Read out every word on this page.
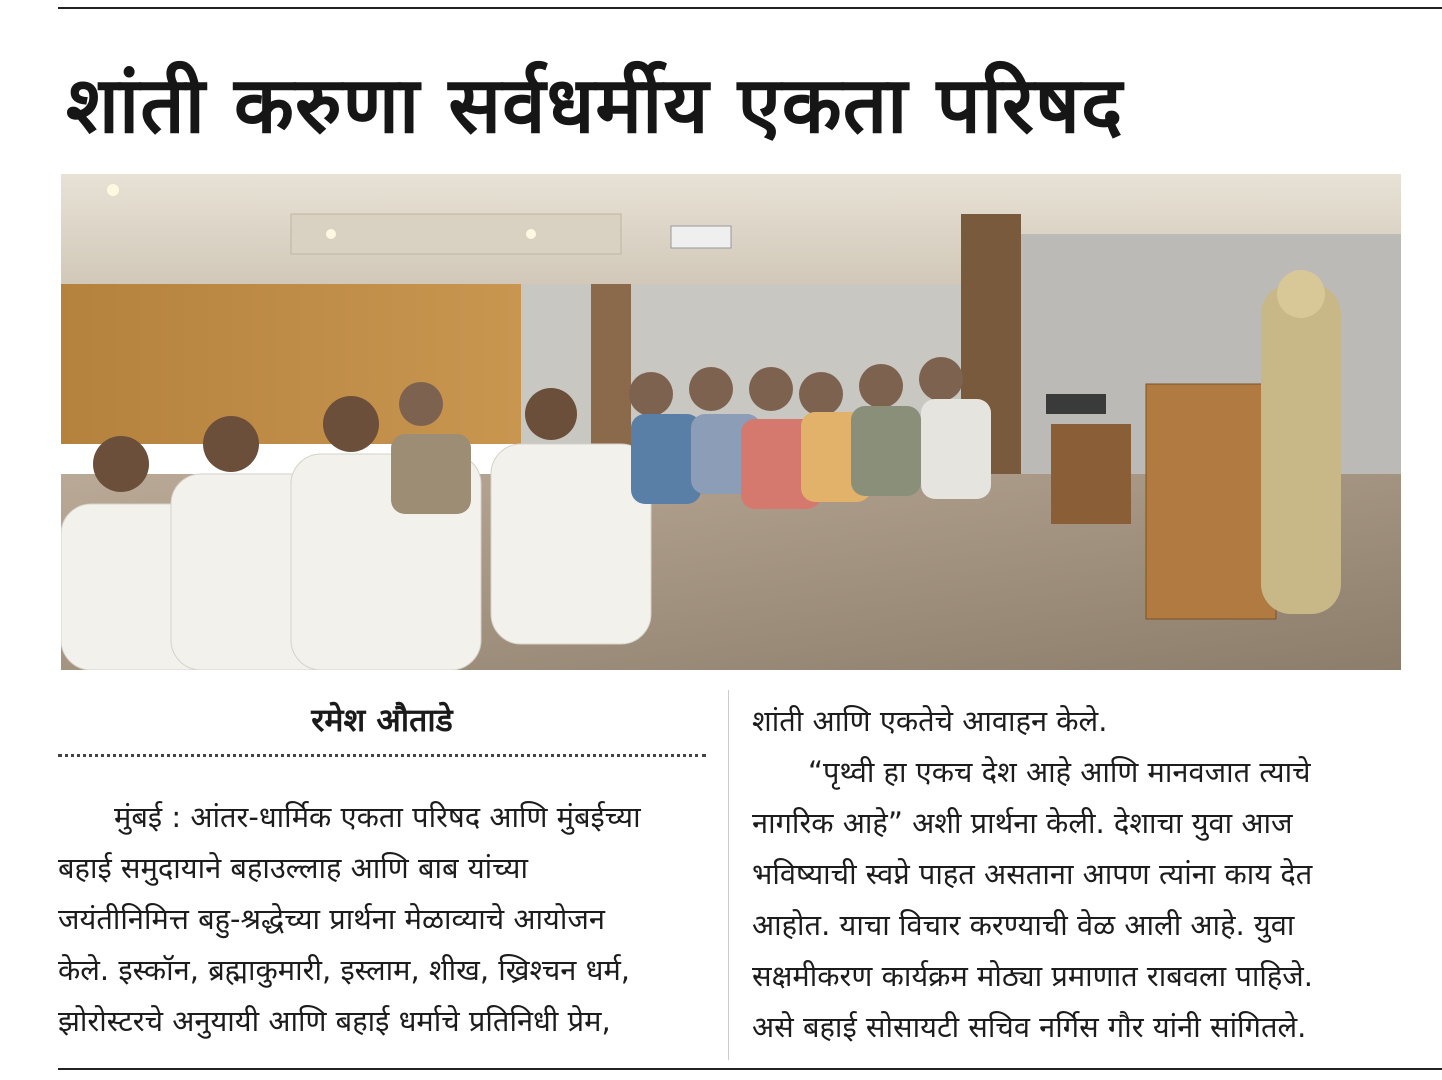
शांती करुणा सर्वधर्मीय एकता परिषद

रमेश औताडे

मुंबई : आंतर-धार्मिक एकता परिषद आणि मुंबईच्या

बहाई समुदायाने बहाउल्लाह आणि बाब यांच्या

जयंतीनिमित्त बहु-श्रद्धेच्या प्रार्थना मेळाव्याचे आयोजन

केले. इस्कॉन, ब्रह्माकुमारी, इस्लाम, शीख, ख्रिश्चन धर्म,

झोरोस्टरचे अनुयायी आणि बहाई धर्माचे प्रतिनिधी प्रेम,

शांती आणि एकतेचे आवाहन केले.

“पृथ्वी हा एकच देश आहे आणि मानवजात त्याचे

नागरिक आहे” अशी प्रार्थना केली. देशाचा युवा आज

भविष्याची स्वप्ने पाहत असताना आपण त्यांना काय देत

आहोत. याचा विचार करण्याची वेळ आली आहे. युवा

सक्षमीकरण कार्यक्रम मोठ्या प्रमाणात राबवला पाहिजे.

असे बहाई सोसायटी सचिव नर्गिस गौर यांनी सांगितले.
